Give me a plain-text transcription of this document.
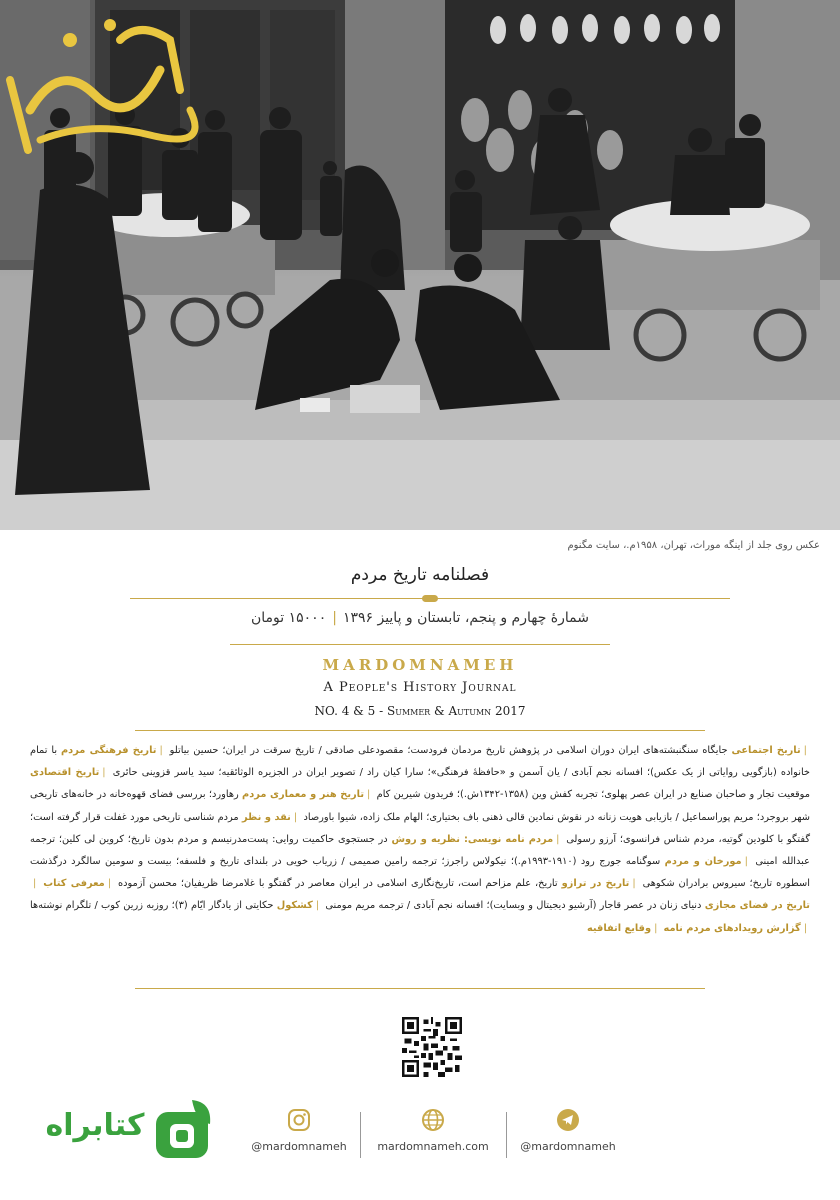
عکس روی جلد از اینگه موراث، تهران، ۱۹۵۸م.، سایت مگنوم
فصلنامه تاریخ مردم
شمارهٔ چهارم و پنجم، تابستان و پاییز ۱۳۹۶|۱۵۰۰۰ تومان
MARDOMNAMEH
A People's History Journal
NO. 4 & 5 - Summer & Autumn 2017
|تاریخ اجتماعی جایگاه سنگنبشته‌های ایران دوران اسلامی در پژوهش تاریخ مردمان فرودست؛ مقصودعلی صادقی / تاریخ سرقت در ایران؛ حسین بیاتلو |تاریخ فرهنگی مردم با تمام خانواده (بازگویی روایاتی از یک عکس)؛ افسانه نجم آبادی / یان آسمن و «حافظهٔ فرهنگی»؛ سارا کیان راد / تصویر ایران در الجزیره الوثائقیه؛ سید یاسر قزوینی حائری |تاریخ اقتصادی موقعیت تجار و صاحبان صنایع در ایران عصر پهلوی؛ تجربه کفش وین (۱۳۵۸-۱۳۴۲ش.)؛ فریدون شیرین کام |تاریخ هنر و معماری مردم رهاورد؛ بررسی فضای قهوه‌خانه در خانه‌های تاریخی شهر بروجرد؛ مریم پوراسماعیل / بازیابی هویت زنانه در نقوش نمادین قالی ذهنی باف بختیاری؛ الهام ملک زاده، شیوا باورصاد |نقد و نظر مردم شناسی تاریخی مورد غفلت قرار گرفته است؛ گفتگو با کلودین گوتیه، مردم شناس فرانسوی؛ آرزو رسولی |مردم نامه نویسی: نظریه و روش در جستجوی حاکمیت روایی: پست‌مدرنیسم و مردم بدون تاریخ؛ کروین لی کلین؛ ترجمه عبدالله امینی |مورخان و مردم سوگنامه جورج رود (۱۹۱۰-۱۹۹۳م.)؛ نیکولاس راجرز؛ ترجمه رامین صمیمی / زریاب خویی در بلندای تاریخ و فلسفه؛ بیست و سومین سالگرد درگذشت اسطوره تاریخ؛ سیروس برادران شکوهی |تاریخ در ترازو تاریخ، علم مزاحم است، تاریخ‌نگاری اسلامی در ایران معاصر در گفتگو با غلامرضا ظریفیان؛ محسن آزموده |معرفی کتاب |تاریخ در فضای مجازی دنیای زنان در عصر قاجار (آرشیو دیجیتال و وبسایت)؛ افسانه نجم آبادی / ترجمه مریم مومنی |کشکول حکایتی از یادگار ایّام (۳)؛ روزبه زرین کوب / تلگرام نوشته‌ها |گزارش رویدادهای مردم نامه |وقایع اتفاقیه
کتابراه
@mardomnameh	mardomnameh.com	@mardomnameh
